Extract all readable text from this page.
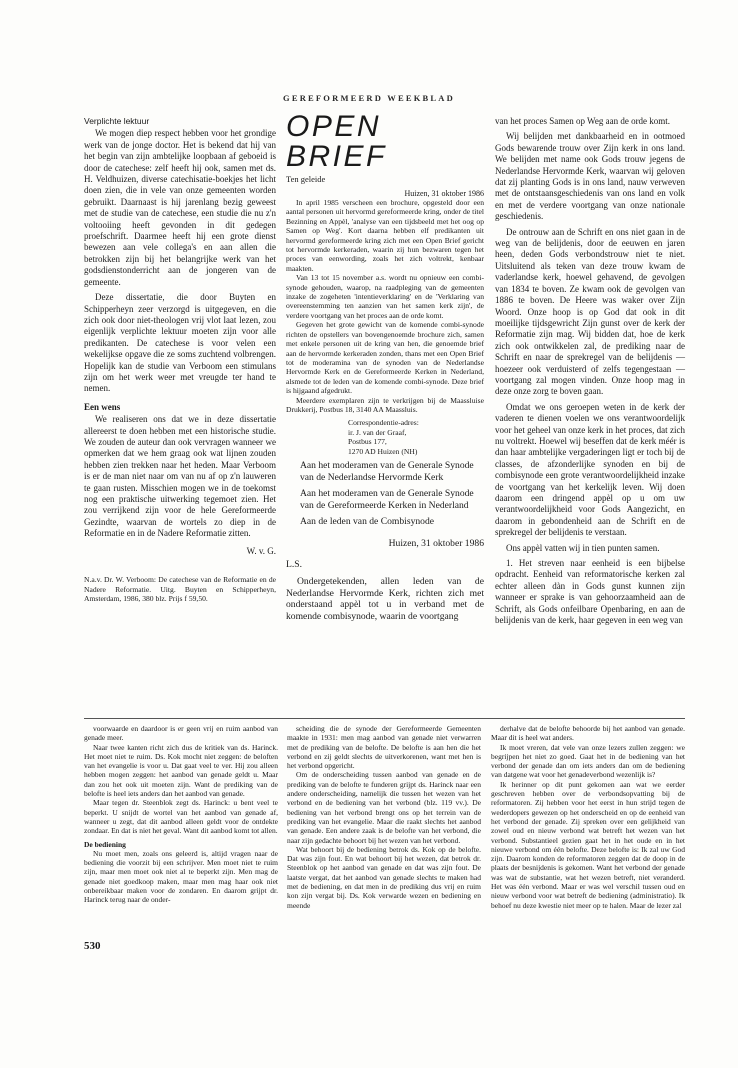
GEREFORMEERD WEEKBLAD

Verplichte lektuur

We mogen diep respect hebben voor het grondige werk van de jonge doctor. Het is bekend dat hij van het begin van zijn ambtelijke loopbaan af geboeid is door de catechese: zelf heeft hij ook, samen met ds. H. Veldhuizen, diverse catechisatie-boekjes het licht doen zien, die in vele van onze gemeenten worden gebruikt. Daarnaast is hij jarenlang bezig geweest met de studie van de catechese, een studie die nu z'n voltooiing heeft gevonden in dit gedegen proefschrift. Daarmee heeft hij een grote dienst bewezen aan vele collega's en aan allen die betrokken zijn bij het belangrijke werk van het godsdienstonderricht aan de jongeren van de gemeente.

Deze dissertatie, die door Buyten en Schipperheyn zeer verzorgd is uitgegeven, en die zich ook door niet-theologen vrij vlot laat lezen, zou eigenlijk verplichte lektuur moeten zijn voor alle predikanten. De catechese is voor velen een wekelijkse opgave die ze soms zuchtend volbrengen. Hopelijk kan de studie van Verboom een stimulans zijn om het werk weer met vreugde ter hand te nemen.

Een wens

We realiseren ons dat we in deze dissertatie allereerst te doen hebben met een historische studie. We zouden de auteur dan ook vervragen wanneer we opmerken dat we hem graag ook wat lijnen zouden hebben zien trekken naar het heden. Maar Verboom is er de man niet naar om van nu af op z'n lauweren te gaan rusten. Misschien mogen we in de toekomst nog een praktische uitwerking tegemoet zien. Het zou verrijkend zijn voor de hele Gereformeerde Gezindte, waarvan de wortels zo diep in de Reformatie en in de Nadere Reformatie zitten.

W. v. G.

N.a.v. Dr. W. Verboom: De catechese van de Reformatie en de Nadere Reformatie. Uitg. Buyten en Schipperheyn, Amsterdam, 1986, 380 blz. Prijs f 59,50.

OPEN BRIEF

Ten geleide

Huizen, 31 oktober 1986

In april 1985 verscheen een brochure, opgesteld door een aantal personen uit hervormd gereformeerde kring, onder de titel Bezinning en Appèl, 'analyse van een tijdsbeeld met het oog op Samen op Weg'. Kort daarna hebben elf predikanten uit hervormd gereformeerde kring zich met een Open Brief gericht tot hervormde kerkeraden, waarin zij hun bezwaren tegen het proces van eenwording, zoals het zich voltrekt, kenbaar maakten.

Van 13 tot 15 november a.s. wordt nu opnieuw een combi-synode gehouden, waarop, na raadpleging van de gemeenten inzake de zogeheten 'intentieverklaring' en de 'Verklaring van overeenstemming ten aanzien van het samen kerk zijn', de verdere voortgang van het proces aan de orde komt.

Gegeven het grote gewicht van de komende combi-synode richten de opstellers van bovengenoemde brochure zich, samen met enkele personen uit de kring van hen, die genoemde brief aan de hervormde kerkeraden zonden, thans met een Open Brief tot de moderamina van de synoden van de Nederlandse Hervormde Kerk en de Gereformeerde Kerken in Nederland, alsmede tot de leden van de komende combi-synode. Deze brief is hijgaand afgedrukt.

Meerdere exemplaren zijn te verkrijgen bij de Maassluise Drukkerij, Postbus 18, 3140 AA Maassluis.

Correspondentie-adres:
ir. J. van der Graaf,
Postbus 177,
1270 AD Huizen (NH)

Aan het moderamen van de Generale Synode van de Nederlandse Hervormde Kerk

Aan het moderamen van de Generale Synode van de Gereformeerde Kerken in Nederland

Aan de leden van de Combisynode

Huizen, 31 oktober 1986

L.S.

Ondergetekenden, allen leden van de Nederlandse Hervormde Kerk, richten zich met onderstaand appèl tot u in verband met de komende combisynode, waarin de voortgang

van het proces Samen op Weg aan de orde komt.

Wij belijden met dankbaarheid en in ootmoed Gods bewarende trouw over Zijn kerk in ons land. We belijden met name ook Gods trouw jegens de Nederlandse Hervormde Kerk, waarvan wij geloven dat zij planting Gods is in ons land, nauw verweven met de ontstaansgeschiedenis van ons land en volk en met de verdere voortgang van onze nationale geschiedenis.

De ontrouw aan de Schrift en ons niet gaan in de weg van de belijdenis, door de eeuwen en jaren heen, deden Gods verbondstrouw niet te niet. Uitsluitend als teken van deze trouw kwam de vaderlandse kerk, hoewel gehavend, de gevolgen van 1834 te boven. Ze kwam ook de gevolgen van 1886 te boven. De Heere was waker over Zijn Woord. Onze hoop is op God dat ook in dit moeilijke tijdsgewricht Zijn gunst over de kerk der Reformatie zijn mag. Wij bidden dat, hoe de kerk zich ook ontwikkelen zal, de prediking naar de Schrift en naar de sprekregel van de belijdenis — hoezeer ook verduisterd of zelfs tegengestaan — voortgang zal mogen vinden. Onze hoop mag in deze onze zorg te boven gaan.

Omdat we ons geroepen weten in de kerk der vaderen te dienen voelen we ons verantwoordelijk voor het geheel van onze kerk in het proces, dat zich nu voltrekt. Hoewel wij beseffen dat de kerk méér is dan haar ambtelijke vergaderingen ligt er toch bij de classes, de afzonderlijke synoden en bij de combisynode een grote verantwoordelijkheid inzake de voortgang van het kerkelijk leven. Wij doen daarom een dringend appèl op u om uw verantwoordelijkheid voor Gods Aangezicht, en daarom in gebondenheid aan de Schrift en de sprekregel der belijdenis te verstaan.

Ons appèl vatten wij in tien punten samen.

1. Het streven naar eenheid is een bijbelse opdracht. Eenheid van reformatorische kerken zal echter alleen dàn in Gods gunst kunnen zijn wanneer er sprake is van gehoorzaamheid aan de Schrift, als Gods onfeilbare Openbaring, en aan de belijdenis van de kerk, haar gegeven in een weg van

voorwaarde en daardoor is er geen vrij en ruim aanbod van genade meer.

Naar twee kanten richt zich dus de kritiek van ds. Harinck. Het moet niet te ruim. Ds. Kok mocht niet zeggen: de beloften van het evangelie is voor u. Dat gaat veel te ver. Hij zou alleen hebben mogen zeggen: het aanbod van genade geldt u. Maar dan zou het ook uit moeten zijn. Want de prediking van de belofte is heel iets anders dan het aanbod van genade.

Maar tegen dr. Steenblok zegt ds. Harinck: u bent veel te beperkt. U snijdt de wortel van het aanbod van genade af, wanneer u zegt, dat dit aanbod alleen geldt voor de ontdekte zondaar. En dat is niet het geval. Want dit aanbod komt tot allen.

De bediening

Nu moet men, zoals ons geleerd is, altijd vragen naar de bediening die voorzit bij een schrijver. Men moet niet te ruim zijn, maar men moet ook niet al te beperkt zijn. Men mag de genade niet goedkoop maken, maar men mag haar ook niet onbereikbaar maken voor de zondaren. En daarom grijpt dr. Harinck terug naar de onder-

scheiding die de synode der Gereformeerde Gemeenten maakte in 1931: men mag aanbod van genade niet verwarren met de prediking van de belofte. De belofte is aan hen die het verbond en zij geldt slechts de uitverkorenen, want met hen is het verbond opgericht.

Om de onderscheiding tussen aanbod van genade en de prediking van de belofte te funderen grijpt ds. Harinck naar een andere onderscheiding, namelijk die tussen het wezen van het verbond en de bediening van het verbond (blz. 119 vv.). De bediening van het verbond brengt ons op het terrein van de prediking van het evangelie. Maar die raakt slechts het aanbod van genade. Een andere zaak is de belofte van het verbond, die naar zijn gedachte behoort bij het wezen van het verbond.

Wat behoort bij de bediening betrok ds. Kok op de belofte. Dat was zijn fout. En wat behoort bij het wezen, dat betrok dr. Steenblok op het aanbod van genade en dat was zijn fout. De laatste vergat, dat het aanbod van genade slechts te maken had met de bediening, en dat men in de prediking dus vrij en ruim kon zijn vergat bij. Ds. Kok verwarde wezen en bediening en meende

derhalve dat de belofte behoorde bij het aanbod van genade. Maar dit is heel wat anders.

Ik moet vreren, dat vele van onze lezers zullen zeggen: we begrijpen het niet zo goed. Gaat het in de bediening van het verbond der genade dan om iets anders dan om de bediening van datgene wat voor het genadeverbond wezenlijk is?

Ik herinner op dit punt gekomen aan wat we eerder geschreven hebben over de verbondsopvatting bij de reformatoren. Zij hebben voor het eerst in hun strijd tegen de wederdopers gewezen op het onderscheid en op de eenheid van het verbond der genade. Zij spreken over een gelijkheid van zowel oud en nieuw verbond wat betreft het wezen van het verbond. Substantieel gezien gaat het in het oude en in het nieuwe verbond om één belofte. Deze belofte is: Ik zal uw God zijn. Daarom konden de reformatoren zeggen dat de doop in de plaats der besnijdenis is gekomen. Want het verbond der genade was wat de substantie, wat het wezen betreft, niet veranderd. Het was één verbond. Maar er was wel verschil tussen oud en nieuw verbond voor wat betreft de bediening (administratio). Ik behoef nu deze kwestie niet meer op te halen. Maar de lezer zal

530
